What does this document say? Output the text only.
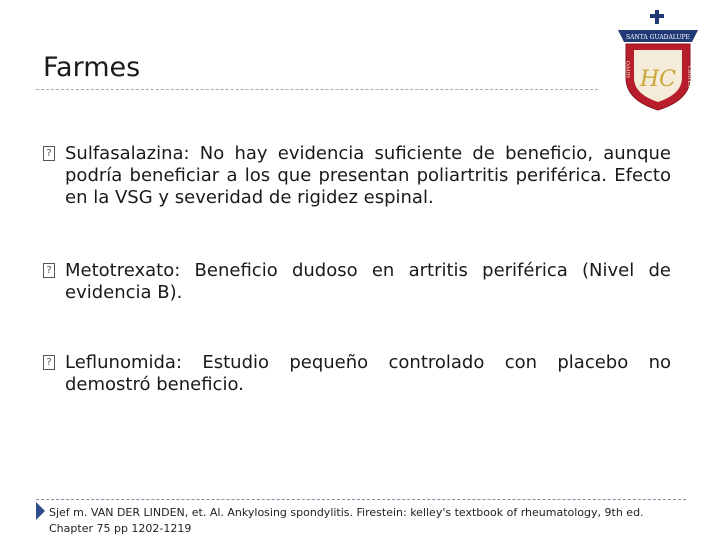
Farmes
SANTA GUADALUPE
HIPPO	CRATES
HC
? Sulfasalazina: No hay evidencia suficiente de beneficio, aunque podría beneficiar a los que presentan poliartritis periférica. Efecto en la VSG y severidad de rigidez espinal.
? Metotrexato: Beneficio dudoso en artritis periférica (Nivel de evidencia B).
? Leflunomida: Estudio pequeño controlado con placebo no demostró beneficio.
Sjef m. VAN DER LINDEN, et. Al. Ankylosing spondylitis. Firestein: kelley's textbook of rheumatology, 9th ed.
Chapter 75 pp 1202-1219
